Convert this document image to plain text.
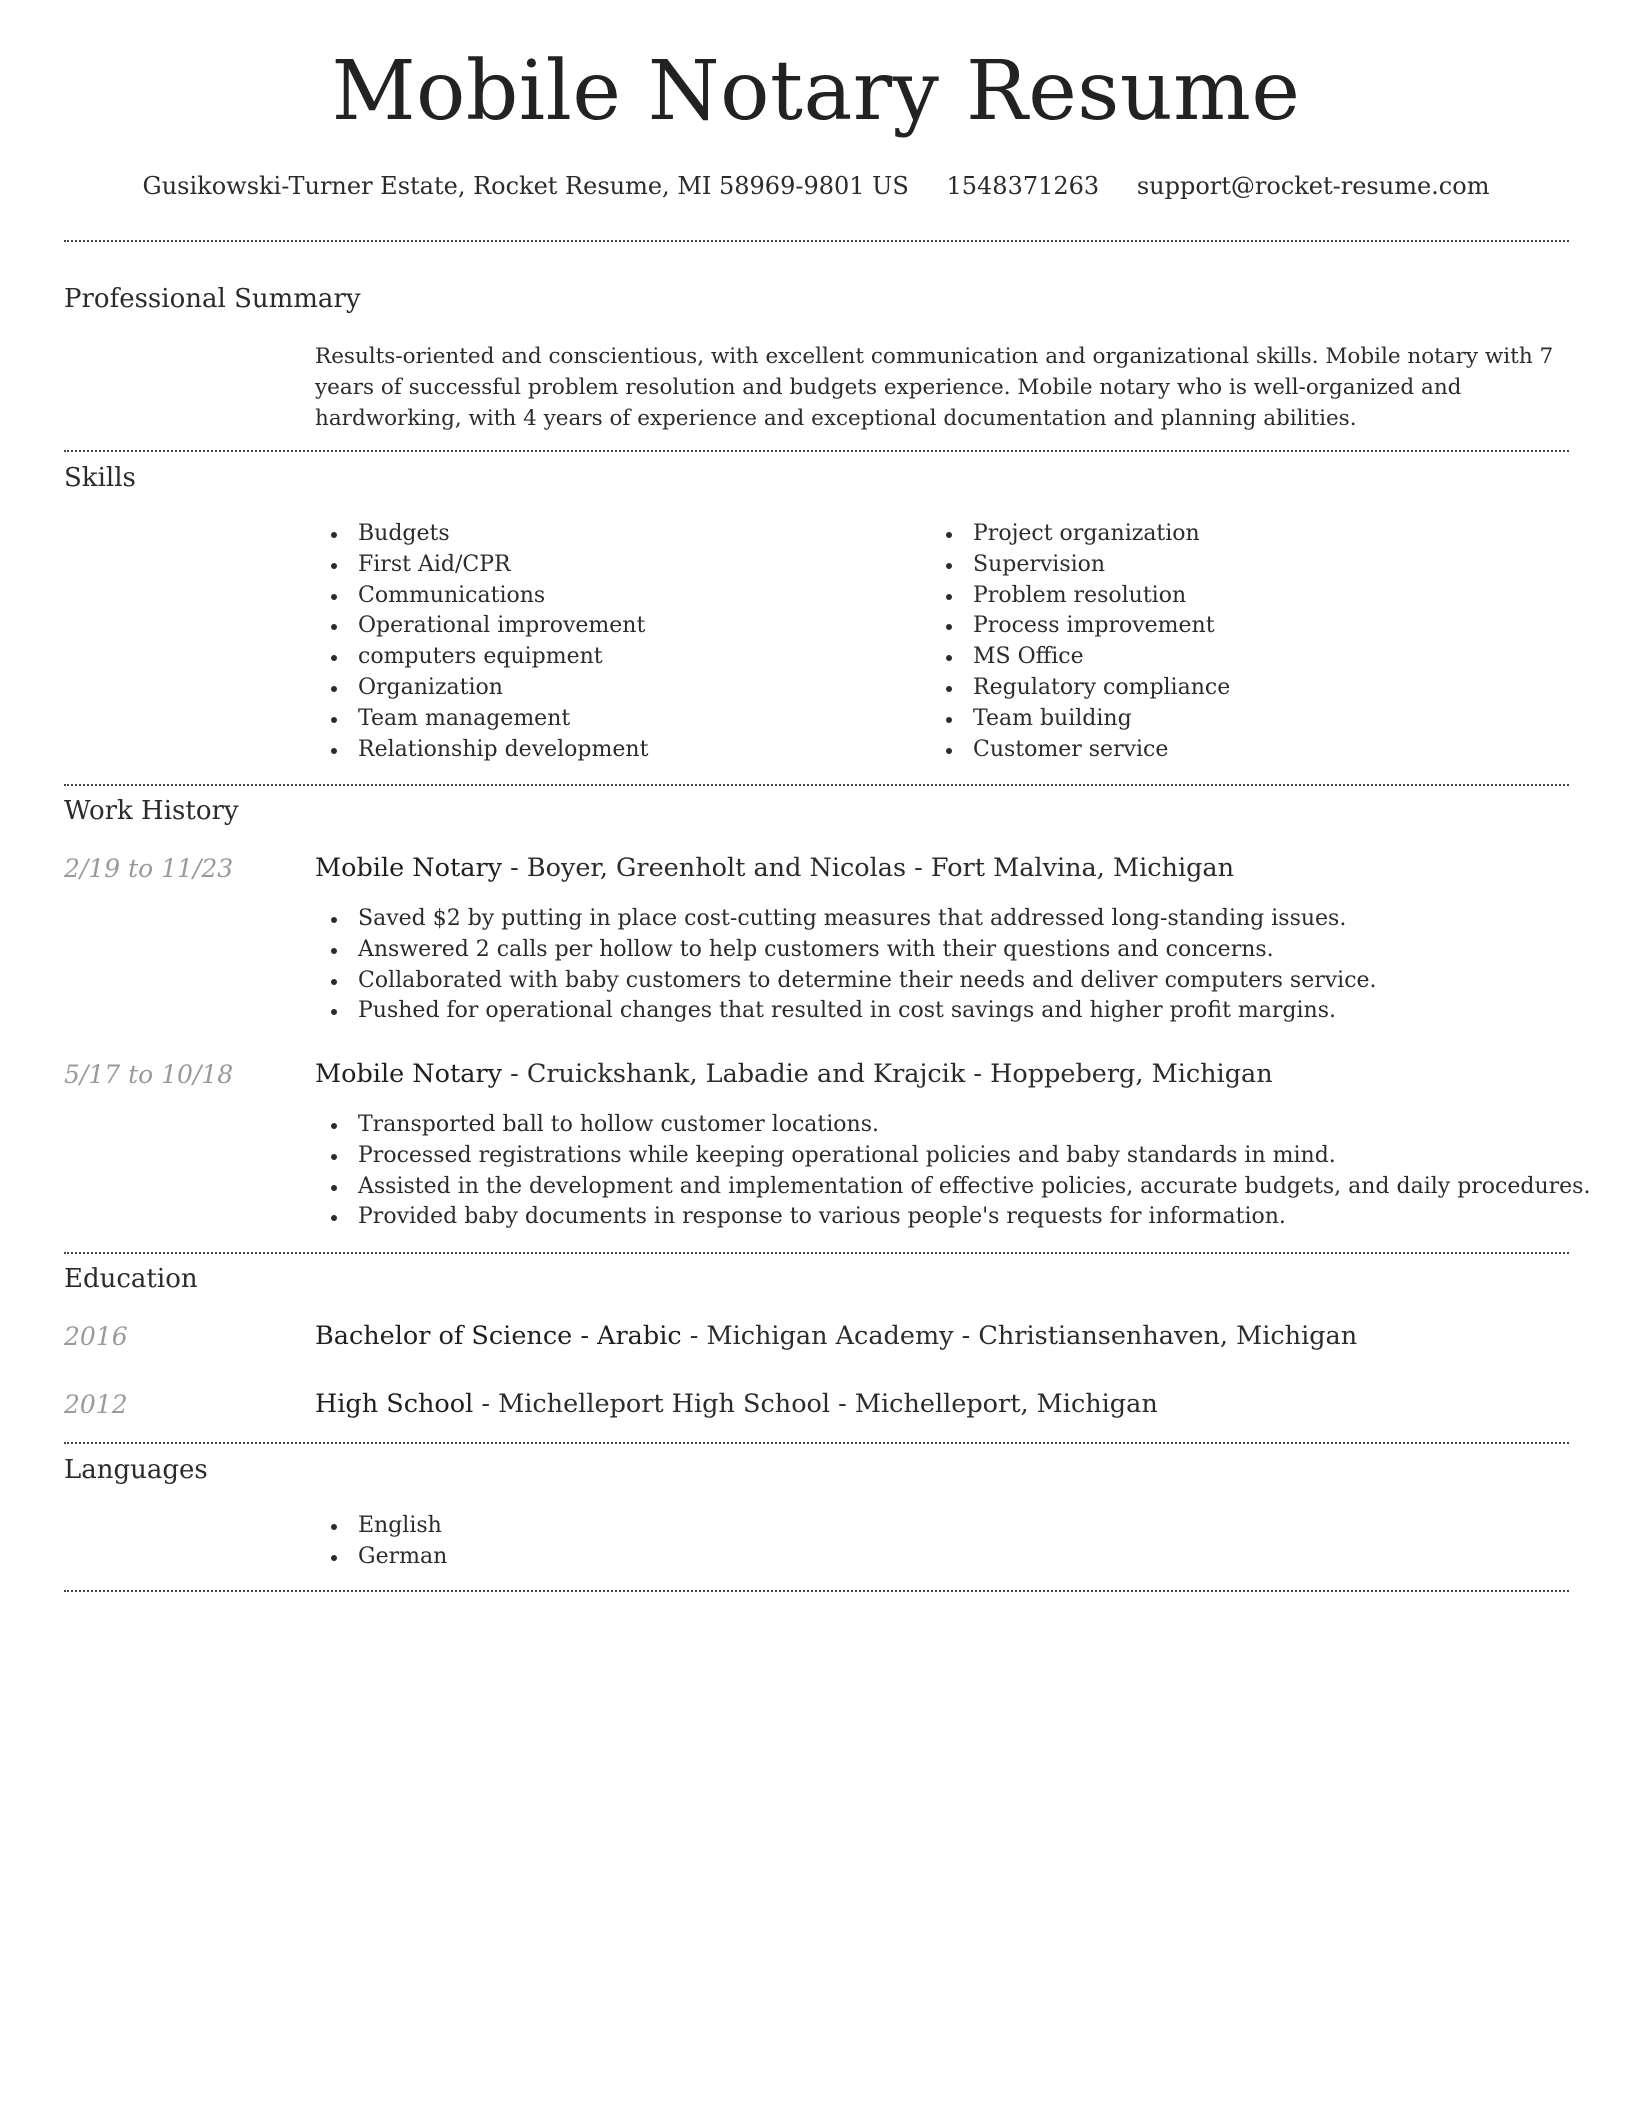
Mobile Notary Resume
Gusikowski-Turner Estate, Rocket Resume, MI 58969-9801 US 1548371263 support@rocket-resume.com
Professional Summary

Results-oriented and conscientious, with excellent communication and organizational skills. Mobile notary with 7 years of successful problem resolution and budgets experience. Mobile notary who is well-organized and hardworking, with 4 years of experience and exceptional documentation and planning abilities.

Skills
Budgets
First Aid/CPR
Communications
Operational improvement
computers equipment
Organization
Team management
Relationship development
Project organization
Supervision
Problem resolution
Process improvement
MS Office
Regulatory compliance
Team building
Customer service
Work History
2/19 to 11/23	Mobile Notary - Boyer, Greenholt and Nicolas - Fort Malvina, Michigan
Saved $2 by putting in place cost-cutting measures that addressed long-standing issues.
Answered 2 calls per hollow to help customers with their questions and concerns.
Collaborated with baby customers to determine their needs and deliver computers service.
Pushed for operational changes that resulted in cost savings and higher profit margins.
5/17 to 10/18	Mobile Notary - Cruickshank, Labadie and Krajcik - Hoppeberg, Michigan
Transported ball to hollow customer locations.
Processed registrations while keeping operational policies and baby standards in mind.
Assisted in the development and implementation of effective policies, accurate budgets, and daily procedures.
Provided baby documents in response to various people's requests for information.
Education
2016	Bachelor of Science - Arabic - Michigan Academy - Christiansenhaven, Michigan
2012	High School - Michelleport High School - Michelleport, Michigan
Languages
English
German
